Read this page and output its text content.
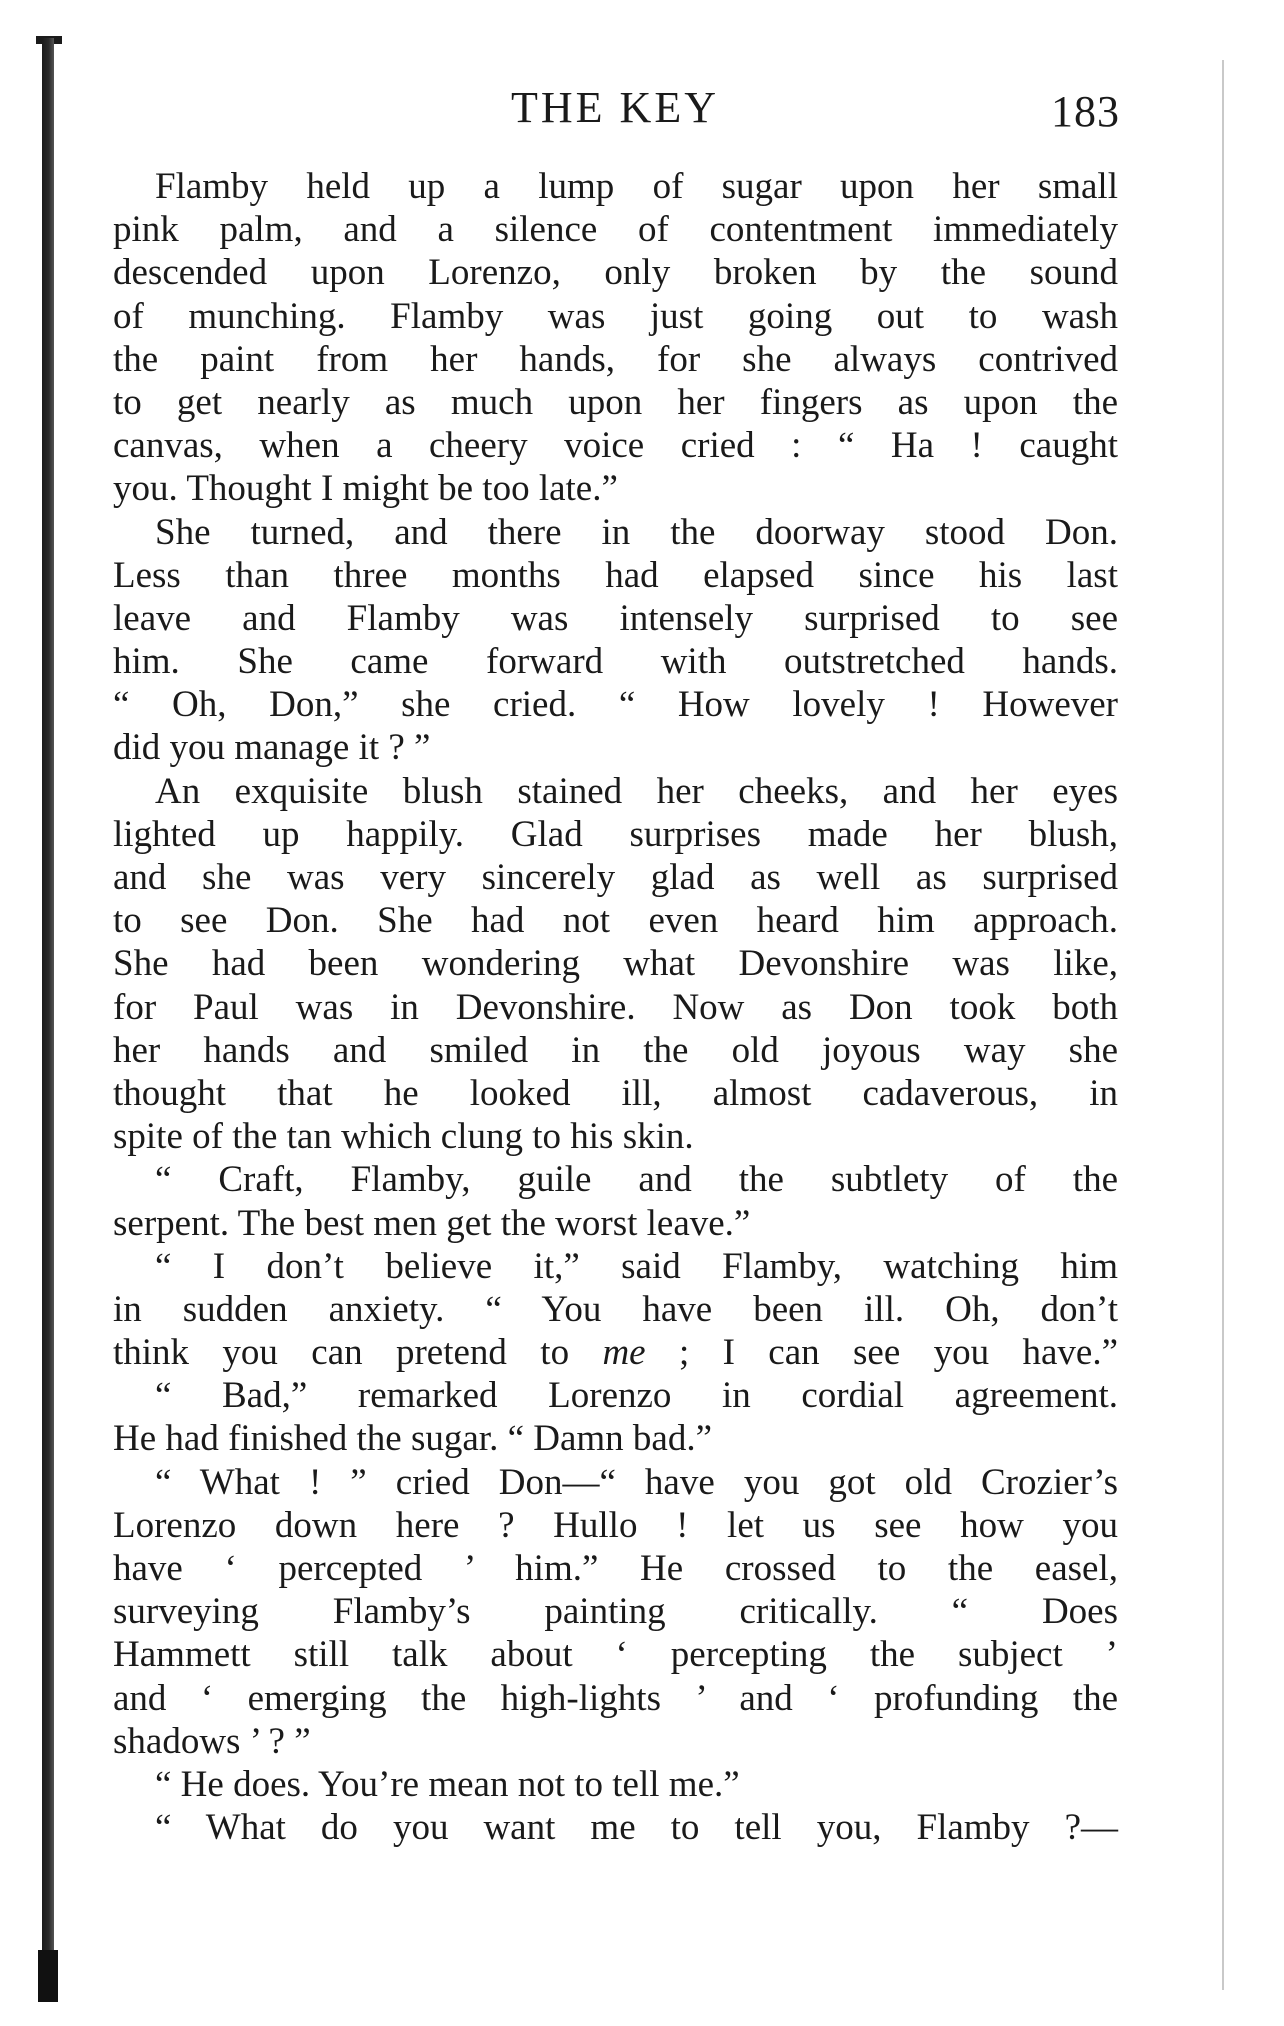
THE KEY	183
Flamby held up a lump of sugar upon her small
pink palm, and a silence of contentment immediately
descended upon Lorenzo, only broken by the sound
of munching. Flamby was just going out to wash
the paint from her hands, for she always contrived
to get nearly as much upon her fingers as upon the
canvas, when a cheery voice cried : “ Ha ! caught
you. Thought I might be too late.”
She turned, and there in the doorway stood Don.
Less than three months had elapsed since his last
leave and Flamby was intensely surprised to see
him. She came forward with outstretched hands.
“ Oh, Don,” she cried. “ How lovely ! However
did you manage it ? ”
An exquisite blush stained her cheeks, and her eyes
lighted up happily. Glad surprises made her blush,
and she was very sincerely glad as well as surprised
to see Don. She had not even heard him approach.
She had been wondering what Devonshire was like,
for Paul was in Devonshire. Now as Don took both
her hands and smiled in the old joyous way she
thought that he looked ill, almost cadaverous, in
spite of the tan which clung to his skin.
“ Craft, Flamby, guile and the subtlety of the
serpent. The best men get the worst leave.”
“ I don’t believe it,” said Flamby, watching him
in sudden anxiety. “ You have been ill. Oh, don’t
think you can pretend to me ; I can see you have.”
“ Bad,” remarked Lorenzo in cordial agreement.
He had finished the sugar. “ Damn bad.”
“ What ! ” cried Don—“ have you got old Crozier’s
Lorenzo down here ? Hullo ! let us see how you
have ‘ percepted ’ him.” He crossed to the easel,
surveying Flamby’s painting critically. “ Does
Hammett still talk about ‘ percepting the subject ’
and ‘ emerging the high-lights ’ and ‘ profunding the
shadows ’ ? ”
“ He does. You’re mean not to tell me.”
“ What do you want me to tell you, Flamby ?—
